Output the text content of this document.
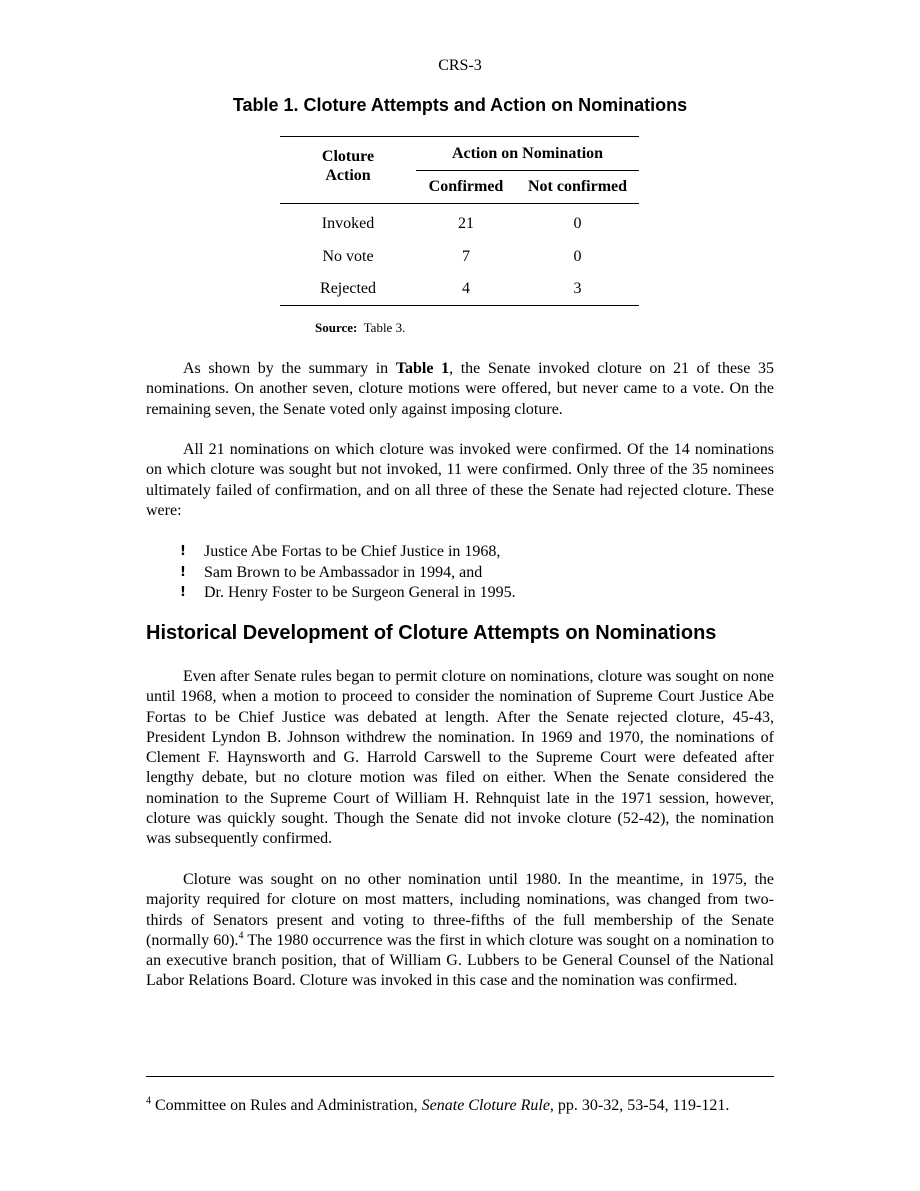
CRS-3
Table 1. Cloture Attempts and Action on Nominations
Cloture Action	Action on Nomination	
	Confirmed	Not confirmed
Invoked	21	0
No vote	7	0
Rejected	4	3
Source: Table 3.

As shown by the summary in Table 1, the Senate invoked cloture on 21 of these 35 nominations. On another seven, cloture motions were offered, but never came to a vote. On the remaining seven, the Senate voted only against imposing cloture.

All 21 nominations on which cloture was invoked were confirmed. Of the 14 nominations on which cloture was sought but not invoked, 11 were confirmed. Only three of the 35 nominees ultimately failed of confirmation, and on all three of these the Senate had rejected cloture. These were:

!	Justice Abe Fortas to be Chief Justice in 1968,
!	Sam Brown to be Ambassador in 1994, and
!	Dr. Henry Foster to be Surgeon General in 1995.
Historical Development of Cloture Attempts on Nominations

Even after Senate rules began to permit cloture on nominations, cloture was sought on none until 1968, when a motion to proceed to consider the nomination of Supreme Court Justice Abe Fortas to be Chief Justice was debated at length. After the Senate rejected cloture, 45-43, President Lyndon B. Johnson withdrew the nomination. In 1969 and 1970, the nominations of Clement F. Haynsworth and G. Harrold Carswell to the Supreme Court were defeated after lengthy debate, but no cloture motion was filed on either. When the Senate considered the nomination to the Supreme Court of William H. Rehnquist late in the 1971 session, however, cloture was quickly sought. Though the Senate did not invoke cloture (52-42), the nomination was subsequently confirmed.

Cloture was sought on no other nomination until 1980. In the meantime, in 1975, the majority required for cloture on most matters, including nominations, was changed from two-thirds of Senators present and voting to three-fifths of the full membership of the Senate (normally 60).$^4$ The 1980 occurrence was the first in which cloture was sought on a nomination to an executive branch position, that of William G. Lubbers to be General Counsel of the National Labor Relations Board. Cloture was invoked in this case and the nomination was confirmed.

$^4$ Committee on Rules and Administration, Senate Cloture Rule, pp. 30-32, 53-54, 119-121.
